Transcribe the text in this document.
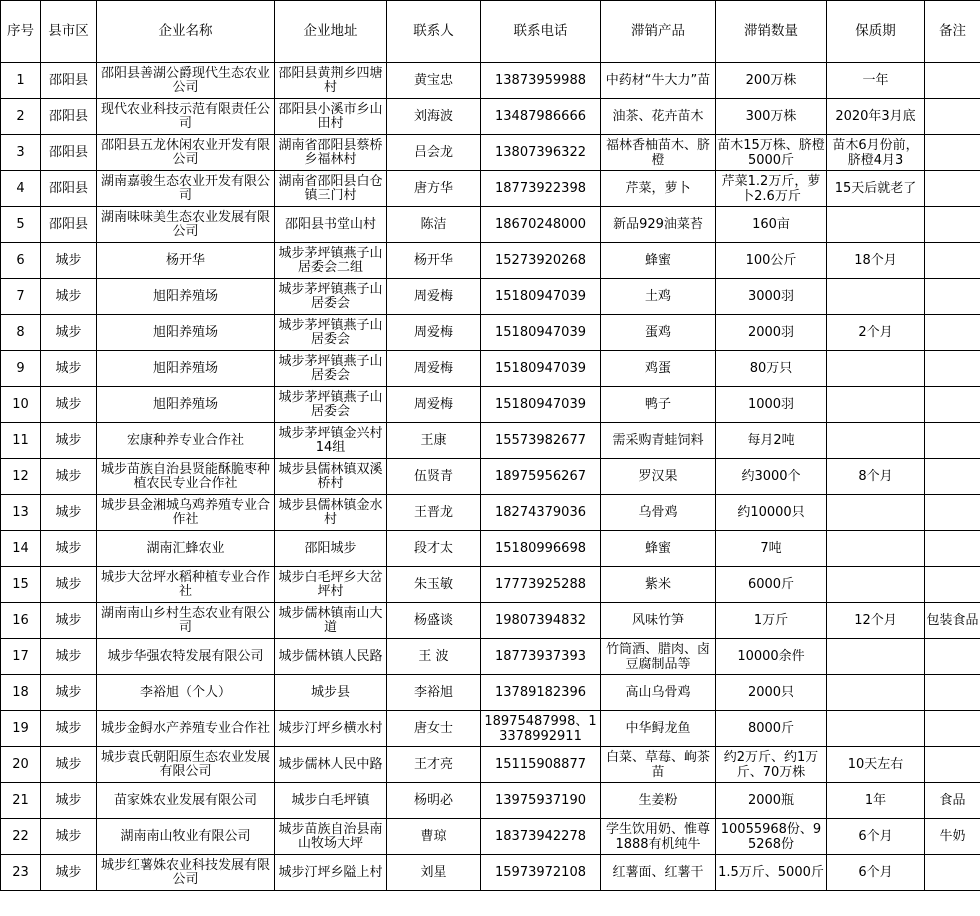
序号	县市区	企业名称	企业地址	联系人	联系电话	滞销产品	滞销数量	保质期	备注
1	邵阳县	邵阳县善湖公爵现代生态农业公司	邵阳县黄荆乡四塘村	黄宝忠	13873959988	中药材“牛大力”苗	200万株	一年	
2	邵阳县	现代农业科技示范有限责任公司	邵阳县小溪市乡山田村	刘海波	13487986666	油茶、花卉苗木	300万株	2020年3月底	
3	邵阳县	邵阳县五龙休闲农业开发有限公司	湖南省邵阳县蔡桥乡福林村	吕会龙	13807396322	福林香柚苗木、脐橙	苗木15万株、脐橙5000斤	苗木6月份前，脐橙4月3	
4	邵阳县	湖南嘉骏生态农业开发有限公司	湖南省邵阳县白仓镇三门村	唐方华	18773922398	芹菜，萝卜	芹菜1.2万斤，萝卜2.6万斤	15天后就老了	
5	邵阳县	湖南味味美生态农业发展有限公司	邵阳县书堂山村	陈洁	18670248000	新品929油菜苔	160亩		
6	城步	杨开华	城步茅坪镇燕子山居委会二组	杨开华	15273920268	蜂蜜	100公斤	18个月	
7	城步	旭阳养殖场	城步茅坪镇燕子山居委会	周爱梅	15180947039	土鸡	3000羽		
8	城步	旭阳养殖场	城步茅坪镇燕子山居委会	周爱梅	15180947039	蛋鸡	2000羽	2个月	
9	城步	旭阳养殖场	城步茅坪镇燕子山居委会	周爱梅	15180947039	鸡蛋	80万只		
10	城步	旭阳养殖场	城步茅坪镇燕子山居委会	周爱梅	15180947039	鸭子	1000羽		
11	城步	宏康种养专业合作社	城步茅坪镇金兴村14组	王康	15573982677	需采购青蛙饲料	每月2吨		
12	城步	城步苗族自治县贤能酥脆枣种植农民专业合作社	城步县儒林镇双溪桥村	伍贤青	18975956267	罗汉果	约3000个	8个月	
13	城步	城步县金湘城乌鸡养殖专业合作社	城步县儒林镇金水村	王晋龙	18274379036	乌骨鸡	约10000只		
14	城步	湖南汇蜂农业	邵阳城步	段才太	15180996698	蜂蜜	7吨		
15	城步	城步大岔坪水稻种植专业合作社	城步白毛坪乡大岔坪村	朱玉敏	17773925288	紫米	6000斤		
16	城步	湖南南山乡村生态农业有限公司	城步儒林镇南山大道	杨盛谈	19807394832	风味竹笋	1万斤	12个月	包装食品
17	城步	城步华强农特发展有限公司	城步儒林镇人民路	王 波	18773937393	竹筒酒、腊肉、卤豆腐制品等	10000余件		
18	城步	李裕旭（个人）	城步县	李裕旭	13789182396	高山乌骨鸡	2000只		
19	城步	城步金鲟水产养殖专业合作社	城步汀坪乡横水村	唐女士	18975487998、13378992911	中华鲟龙鱼	8000斤		
20	城步	城步袁氏朝阳原生态农业发展有限公司	城步儒林人民中路	王才亮	15115908877	白菜、草莓、岣茶苗	约2万斤、约1万斤、70万株	10天左右	
21	城步	苗家姝农业发展有限公司	城步白毛坪镇	杨明必	13975937190	生姜粉	2000瓶	1年	食品
22	城步	湖南南山牧业有限公司	城步苗族自治县南山牧场大坪	曹琼	18373942278	学生饮用奶、惟尊1888有机纯牛	10055968份、95268份	6个月	牛奶
23	城步	城步红薯姝农业科技发展有限公司	城步汀坪乡隘上村	刘星	15973972108	红薯面、红薯干	1.5万斤、5000斤	6个月	
